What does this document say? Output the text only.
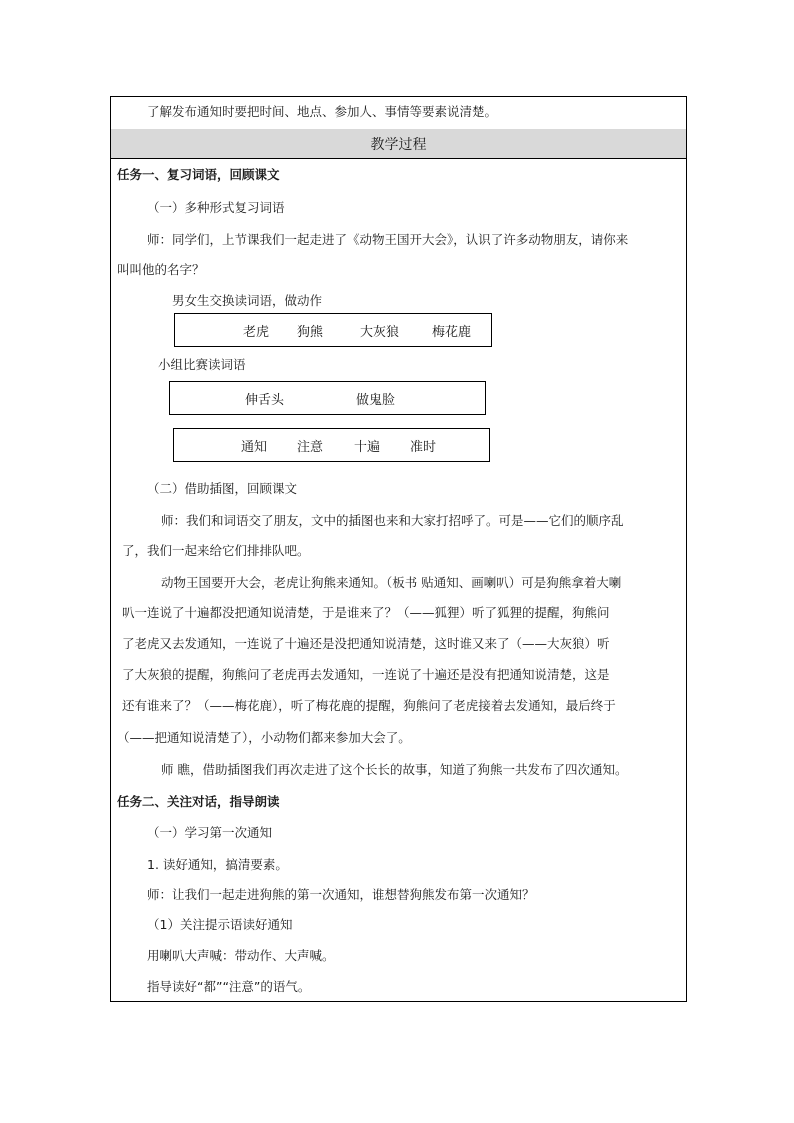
了解发布通知时要把时间、地点、参加人、事情等要素说清楚。
教学过程
任务一、复习词语，回顾课文
（一）多种形式复习词语
师：同学们，上节课我们一起走进了《动物王国开大会》，认识了许多动物朋友，请你来
叫叫他的名字？
男女生交换读词语，做动作
老虎 狗熊	大灰狼	梅花鹿
小组比赛读词语
伸舌头	做鬼脸
通知 注意 十遍 准时
（二）借助插图，回顾课文
师：我们和词语交了朋友，文中的插图也来和大家打招呼了。可是——它们的顺序乱
了，我们一起来给它们排排队吧。
动物王国要开大会，老虎让狗熊来通知。（板书 贴通知、画喇叭）可是狗熊拿着大喇
叭一连说了十遍都没把通知说清楚，于是谁来了？（——狐狸）听了狐狸的提醒，狗熊问
了老虎又去发通知，一连说了十遍还是没把通知说清楚，这时谁又来了（——大灰狼）听
了大灰狼的提醒，狗熊问了老虎再去发通知，一连说了十遍还是没有把通知说清楚，这是
还有谁来了？（——梅花鹿），听了梅花鹿的提醒，狗熊问了老虎接着去发通知，最后终于
（——把通知说清楚了），小动物们都来参加大会了。
师 瞧，借助插图我们再次走进了这个长长的故事，知道了狗熊一共发布了四次通知。
任务二、关注对话，指导朗读
（一）学习第一次通知
1. 读好通知，搞清要素。
师：让我们一起走进狗熊的第一次通知，谁想替狗熊发布第一次通知？
（1）关注提示语读好通知
用喇叭大声喊：带动作、大声喊。
指导读好“都”“注意”的语气。
